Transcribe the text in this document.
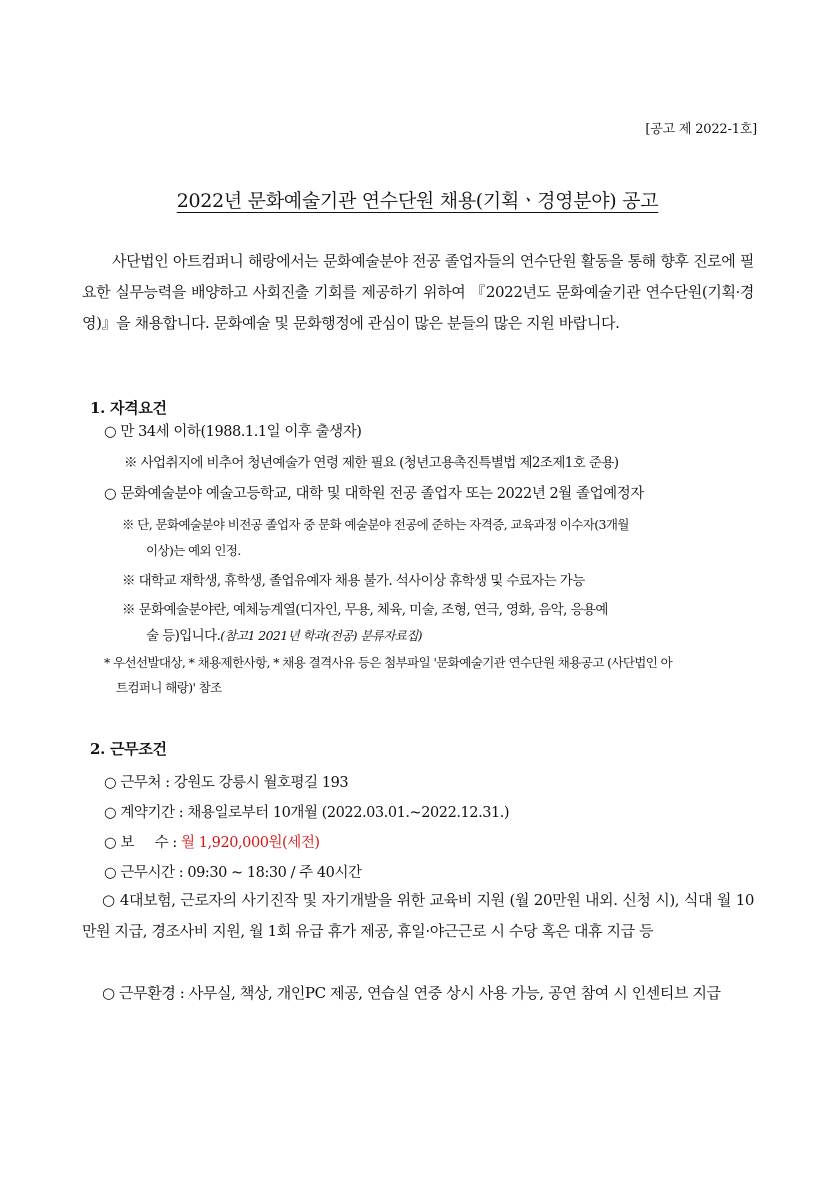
[공고 제 2022-1호]
2022년 문화예술기관 연수단원 채용(기획ㆍ경영분야) 공고
사단법인 아트컴퍼니 해랑에서는 문화예술분야 전공 졸업자들의 연수단원 활동을 통해 향후 진로에 필요한 실무능력을 배양하고 사회진출 기회를 제공하기 위하여 『2022년도 문화예술기관 연수단원(기획·경영)』을 채용합니다. 문화예술 및 문화행정에 관심이 많은 분들의 많은 지원 바랍니다.
1. 자격요건
○ 만 34세 이하(1988.1.1일 이후 출생자)
※ 사업취지에 비추어 청년예술가 연령 제한 필요 (청년고용촉진특별법 제2조제1호 준용)
○ 문화예술분야 예술고등학교, 대학 및 대학원 전공 졸업자 또는 2022년 2월 졸업예정자
※ 단, 문화예술분야 비전공 졸업자 중 문화 예술분야 전공에 준하는 자격증, 교육과정 이수자(3개월
이상)는 예외 인정.
※ 대학교 재학생, 휴학생, 졸업유예자 채용 불가. 석사이상 휴학생 및 수료자는 가능
※ 문화예술분야란, 예체능계열(디자인, 무용, 체육, 미술, 조형, 연극, 영화, 음악, 응용예
술 등)입니다.(참고1 2021년 학과(전공) 분류자료집)
* 우선선발대상, * 채용제한사항, * 채용 결격사유 등은 첨부파일 '문화예술기관 연수단원 채용공고 (사단법인 아
트컴퍼니 해랑)' 참조
2. 근무조건
○ 근무처 : 강원도 강릉시 월호평길 193
○ 계약기간 : 채용일로부터 10개월 (2022.03.01.~2022.12.31.)
○ 보     수 : 월 1,920,000원(세전)
○ 근무시간 : 09:30 ~ 18:30 / 주 40시간
○ 4대보험, 근로자의 사기진작 및 자기개발을 위한 교육비 지원 (월 20만원 내외. 신청 시), 식대 월 10만원 지급, 경조사비 지원, 월 1회 유급 휴가 제공, 휴일·야근근로 시 수당 혹은 대휴 지급 등
○ 근무환경 : 사무실, 책상, 개인PC 제공, 연습실 연중 상시 사용 가능, 공연 참여 시 인센티브 지급
